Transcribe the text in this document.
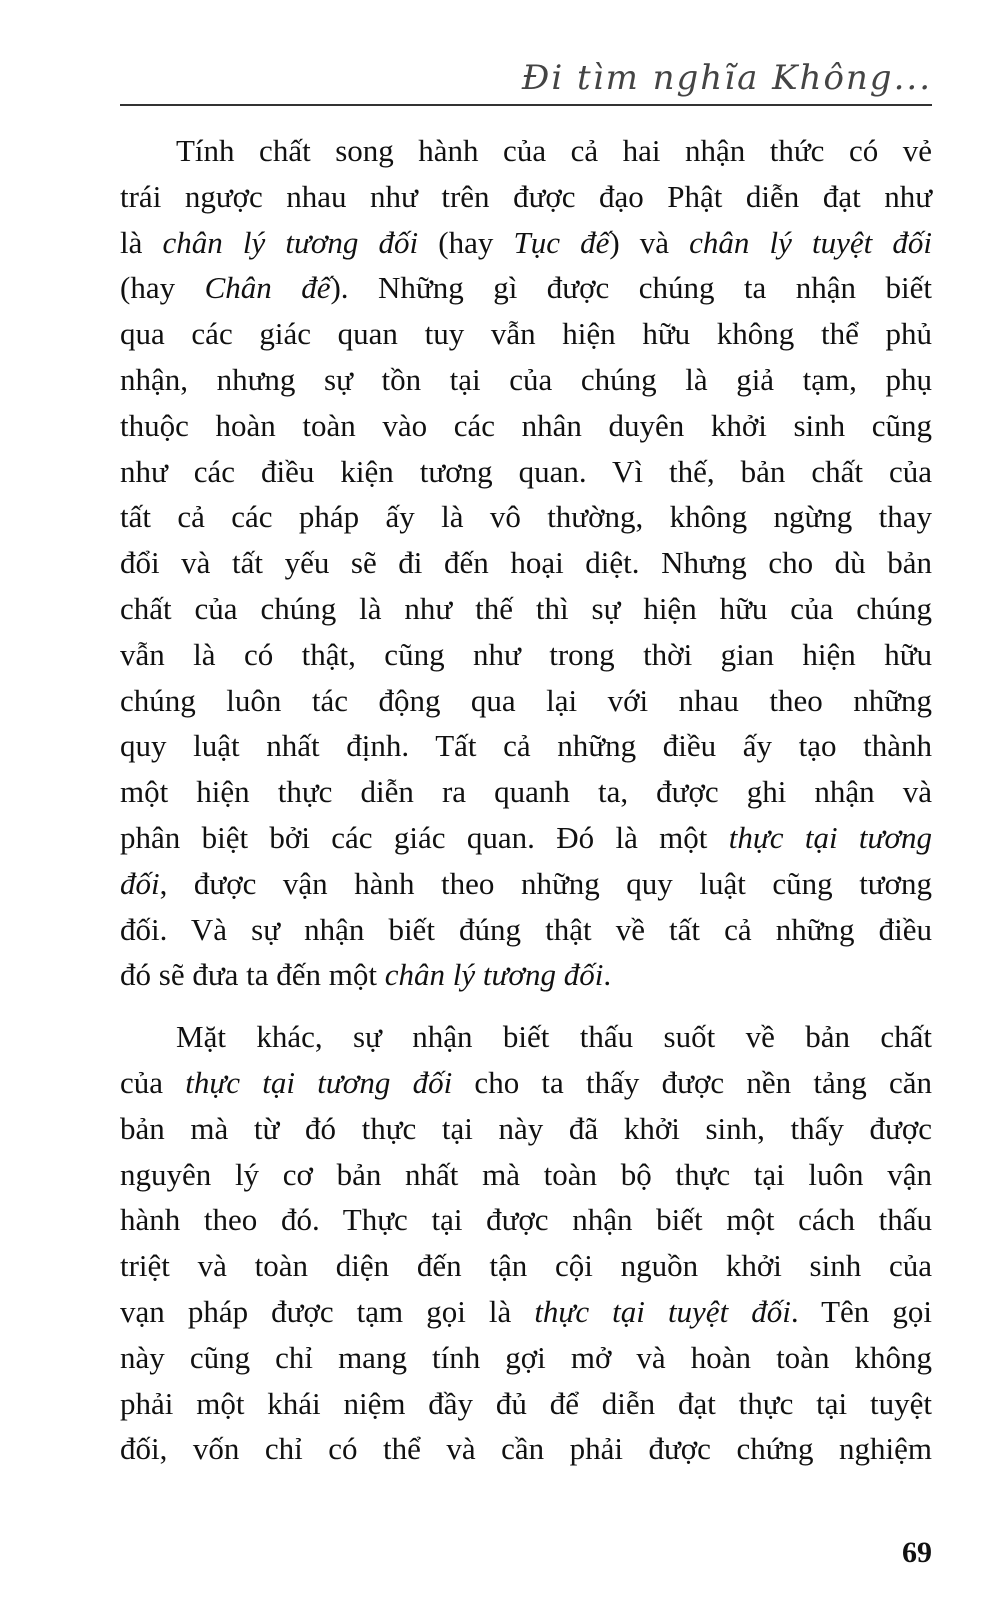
Đi tìm nghĩa Không...
Tính chất song hành của cả hai nhận thức có vẻ
trái ngược nhau như trên được đạo Phật diễn đạt như
là chân lý tương đối (hay Tục đế) và chân lý tuyệt đối
(hay Chân đế). Những gì được chúng ta nhận biết
qua các giác quan tuy vẫn hiện hữu không thể phủ
nhận, nhưng sự tồn tại của chúng là giả tạm, phụ
thuộc hoàn toàn vào các nhân duyên khởi sinh cũng
như các điều kiện tương quan. Vì thế, bản chất của
tất cả các pháp ấy là vô thường, không ngừng thay
đổi và tất yếu sẽ đi đến hoại diệt. Nhưng cho dù bản
chất của chúng là như thế thì sự hiện hữu của chúng
vẫn là có thật, cũng như trong thời gian hiện hữu
chúng luôn tác động qua lại với nhau theo những
quy luật nhất định. Tất cả những điều ấy tạo thành
một hiện thực diễn ra quanh ta, được ghi nhận và
phân biệt bởi các giác quan. Đó là một thực tại tương
đối, được vận hành theo những quy luật cũng tương
đối. Và sự nhận biết đúng thật về tất cả những điều
đó sẽ đưa ta đến một chân lý tương đối.
Mặt khác, sự nhận biết thấu suốt về bản chất
của thực tại tương đối cho ta thấy được nền tảng căn
bản mà từ đó thực tại này đã khởi sinh, thấy được
nguyên lý cơ bản nhất mà toàn bộ thực tại luôn vận
hành theo đó. Thực tại được nhận biết một cách thấu
triệt và toàn diện đến tận cội nguồn khởi sinh của
vạn pháp được tạm gọi là thực tại tuyệt đối. Tên gọi
này cũng chỉ mang tính gợi mở và hoàn toàn không
phải một khái niệm đầy đủ để diễn đạt thực tại tuyệt
đối, vốn chỉ có thể và cần phải được chứng nghiệm
69
